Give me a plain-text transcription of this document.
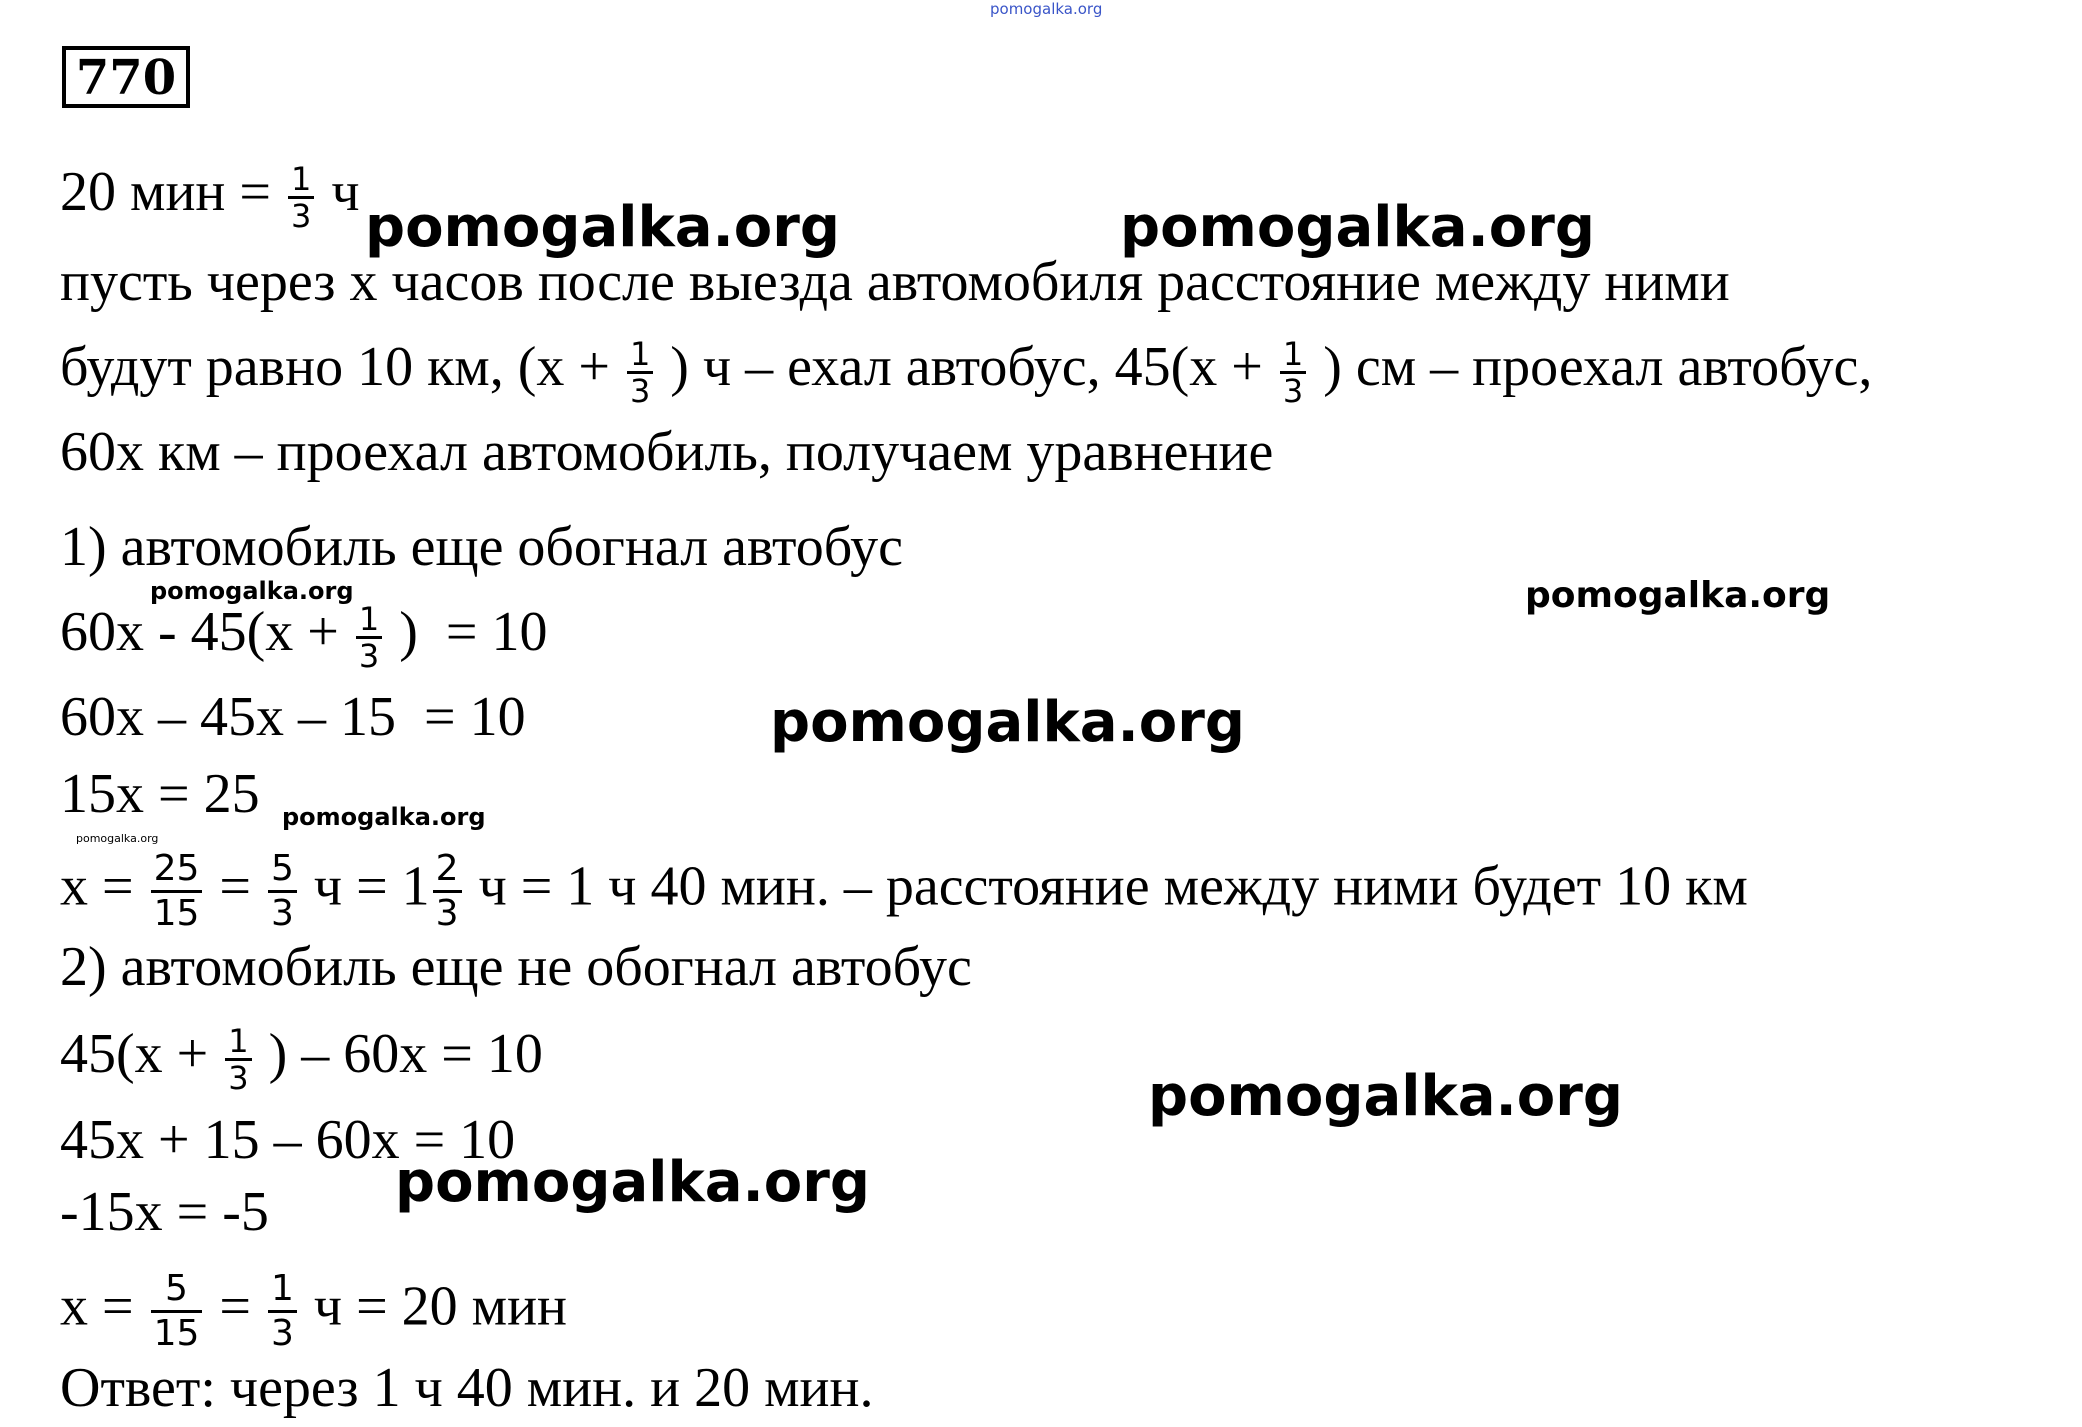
pomogalka.org
pomogalka.org	pomogalka.org
pomogalka.org	pomogalka.org
pomogalka.org
pomogalka.org
pomogalka.org
pomogalka.org
pomogalka.org
770
20 мин = $\frac{1}{3}$ ч
пусть через х часов после выезда автомобиля расстояние между ними
будут равно 10 км, ($х + \frac{1}{3}$ ) ч – ехал автобус, $45(х + \frac{1}{3}$ ) см – проехал автобус,
60х км – проехал автомобиль, получаем уравнение
1) автомобиль еще обогнал автобус
$60х - 45(х + \frac{1}{3}$ ) = 10
60х – 45х – 15 = 10
15х = 25
$х = \frac{25}{15} = \frac{5}{3}$ $ч = 1 \frac{2}{3}$ ч = 1 ч 40 мин. – расстояние между ними будет 10 км
2) автомобиль еще не обогнал автобус
$45(х + \frac{1}{3}$ ) – 60х = 10
45х + 15 – 60х = 10
-15х = -5
$х = \frac{5}{15} = \frac{1}{3}$ ч = 20 мин
Ответ: через 1 ч 40 мин. и 20 мин.
